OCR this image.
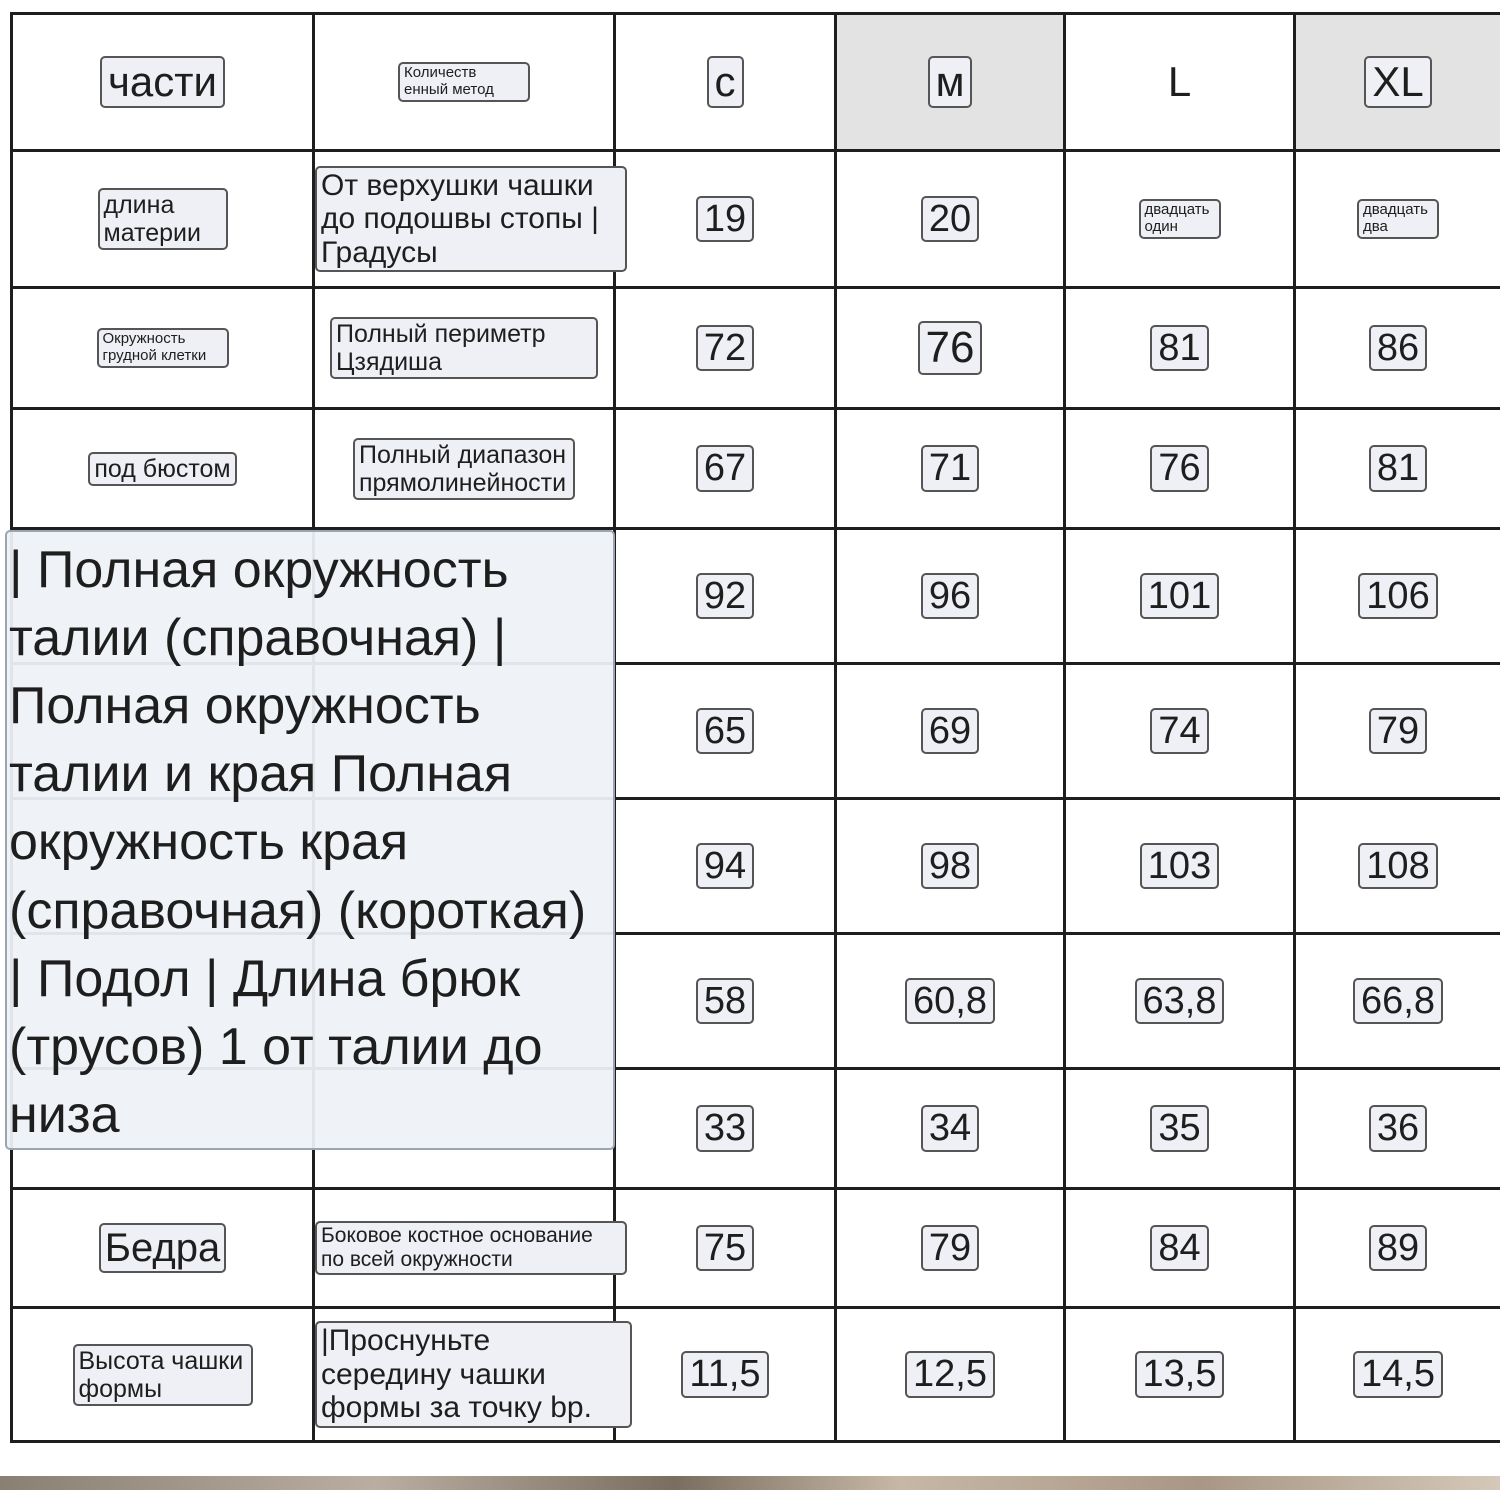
части	Количеств енный метод	с	м	L	XL
длина материи	От верхушки чашки до подошвы стопы | Градусы	19	20	двадцать один	двадцать два
Окружность грудной клетки	Полный периметр Цзядиша	72	76	81	86
под бюстом	Полный диапазон прямолинейности	67	71	76	81
		92	96	101	106
		65	69	74	79
		94	98	103	108
		58	60,8	63,8	66,8
		33	34	35	36
Бедра	Боковое костное основание по всей окружности	75	79	84	89
Высота чашки формы	|Проснуньте середину чашки формы за точку bp.	11,5	12,5	13,5	14,5
| Полная окружность талии (справочная) | Полная окружность талии и края Полная окружность края (справочная) (короткая) | Подол | Длина брюк (трусов) 1 от талии до низа
